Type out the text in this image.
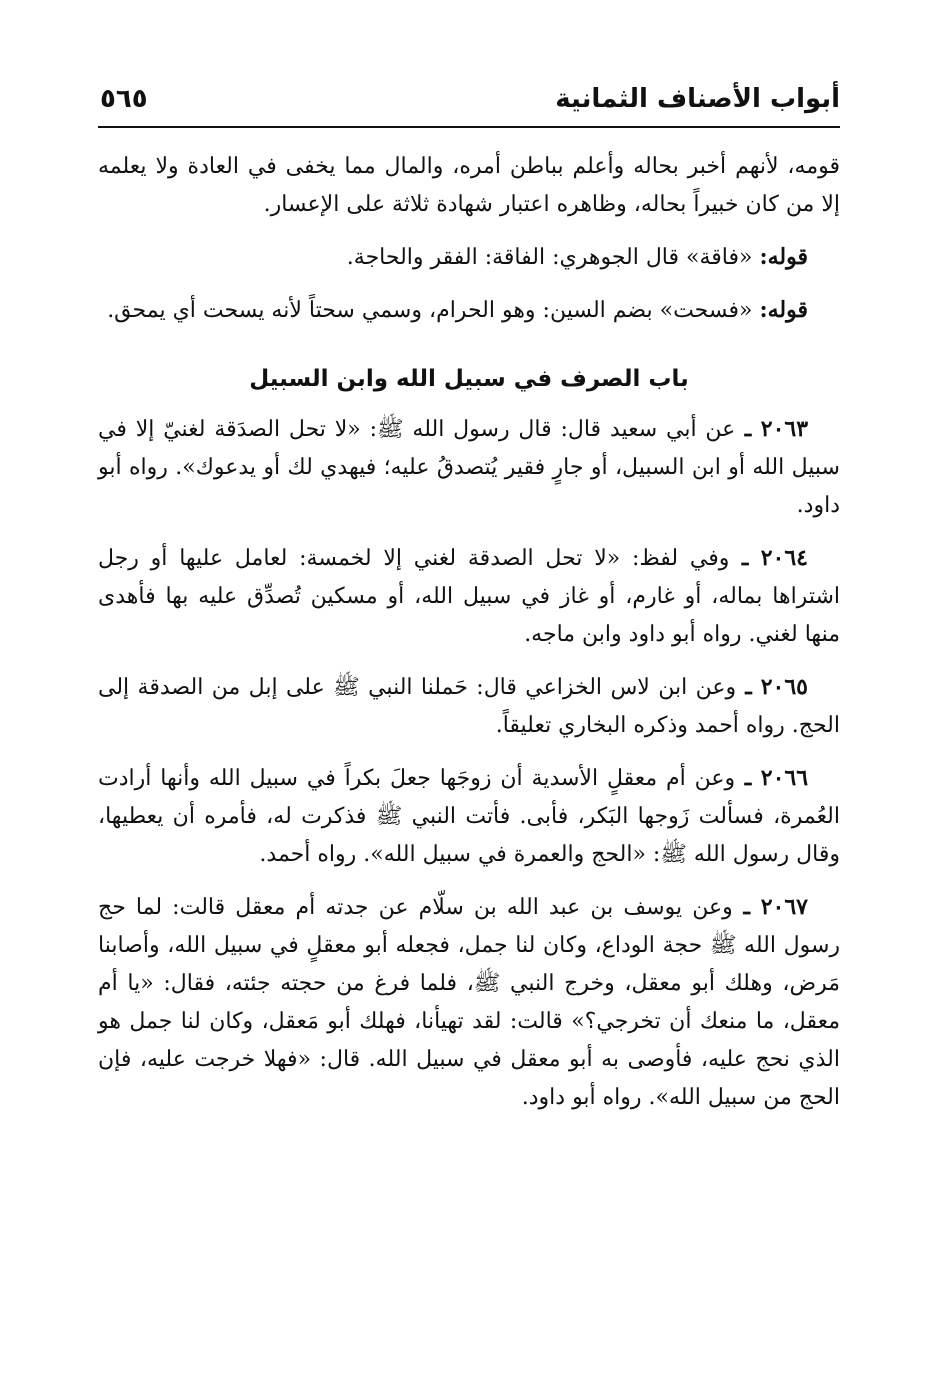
أبواب الأصناف الثمانية
٥٦٥

قومه، لأنهم أخبر بحاله وأعلم بباطن أمره، والمال مما يخفى في العادة ولا يعلمه إلا من كان خبيراً بحاله، وظاهره اعتبار شهادة ثلاثة على الإعسار.

قوله: «فاقة» قال الجوهري: الفاقة: الفقر والحاجة.

قوله: «فسحت» بضم السين: وهو الحرام، وسمي سحتاً لأنه يسحت أي يمحق.

باب الصرف في سبيل الله وابن السبيل

٢٠٦٣ ـ عن أبي سعيد قال: قال رسول الله ﷺ: «لا تحل الصدَقة لغنيّ إلا في سبيل الله أو ابن السبيل، أو جارٍ فقير يُتصدقُ عليه؛ فيهدي لك أو يدعوك». رواه أبو داود.

٢٠٦٤ ـ وفي لفظ: «لا تحل الصدقة لغني إلا لخمسة: لعامل عليها أو رجل اشتراها بماله، أو غارم، أو غاز في سبيل الله، أو مسكين تُصدِّق عليه بها فأهدى منها لغني. رواه أبو داود وابن ماجه.

٢٠٦٥ ـ وعن ابن لاس الخزاعي قال: حَملنا النبي ﷺ على إبل من الصدقة إلى الحج. رواه أحمد وذكره البخاري تعليقاً.

٢٠٦٦ ـ وعن أم معقلٍ الأسدية أن زوجَها جعلَ بكراً في سبيل الله وأنها أرادت العُمرة، فسألت زَوجها البَكر، فأبى. فأتت النبي ﷺ فذكرت له، فأمره أن يعطيها، وقال رسول الله ﷺ: «الحج والعمرة في سبيل الله». رواه أحمد.

٢٠٦٧ ـ وعن يوسف بن عبد الله بن سلّام عن جدته أم معقل قالت: لما حج رسول الله ﷺ حجة الوداع، وكان لنا جمل، فجعله أبو معقلٍ في سبيل الله، وأصابنا مَرض، وهلك أبو معقل، وخرج النبي ﷺ، فلما فرغ من حجته جئته، فقال: «يا أم معقل، ما منعك أن تخرجي؟» قالت: لقد تهيأنا، فهلك أبو مَعقل، وكان لنا جمل هو الذي نحج عليه، فأوصى به أبو معقل في سبيل الله. قال: «فهلا خرجت عليه، فإن الحج من سبيل الله». رواه أبو داود.
